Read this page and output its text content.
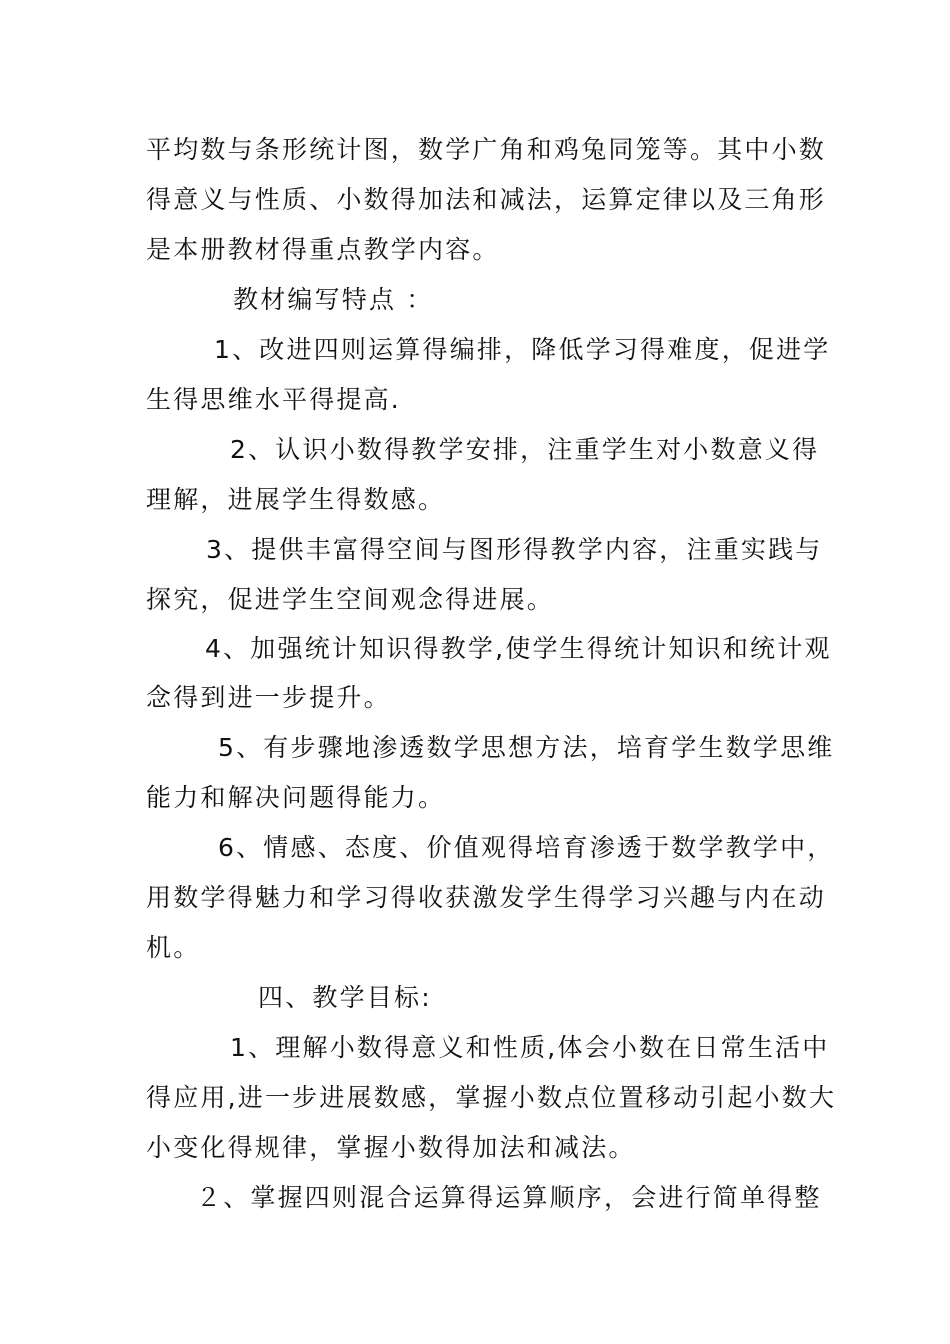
平均数与条形统计图，数学广角和鸡兔同笼等。其中小数
得意义与性质、小数得加法和减法，运算定律以及三角形
是本册教材得重点教学内容。
教材编写特点 ：
1、改进四则运算得编排，降低学习得难度，促进学
生得思维水平得提高.
2、认识小数得教学安排，注重学生对小数意义得
理解，进展学生得数感。
3、提供丰富得空间与图形得教学内容，注重实践与
探究，促进学生空间观念得进展。
4、加强统计知识得教学,使学生得统计知识和统计观
念得到进一步提升。
5、有步骤地渗透数学思想方法，培育学生数学思维
能力和解决问题得能力。
6、情感、态度、价值观得培育渗透于数学教学中，
用数学得魅力和学习得收获激发学生得学习兴趣与内在动
机。
四、教学目标:
1、理解小数得意义和性质,体会小数在日常生活中
得应用,进一步进展数感，掌握小数点位置移动引起小数大
小变化得规律，掌握小数得加法和减法。
２、掌握四则混合运算得运算顺序，会进行简单得整
